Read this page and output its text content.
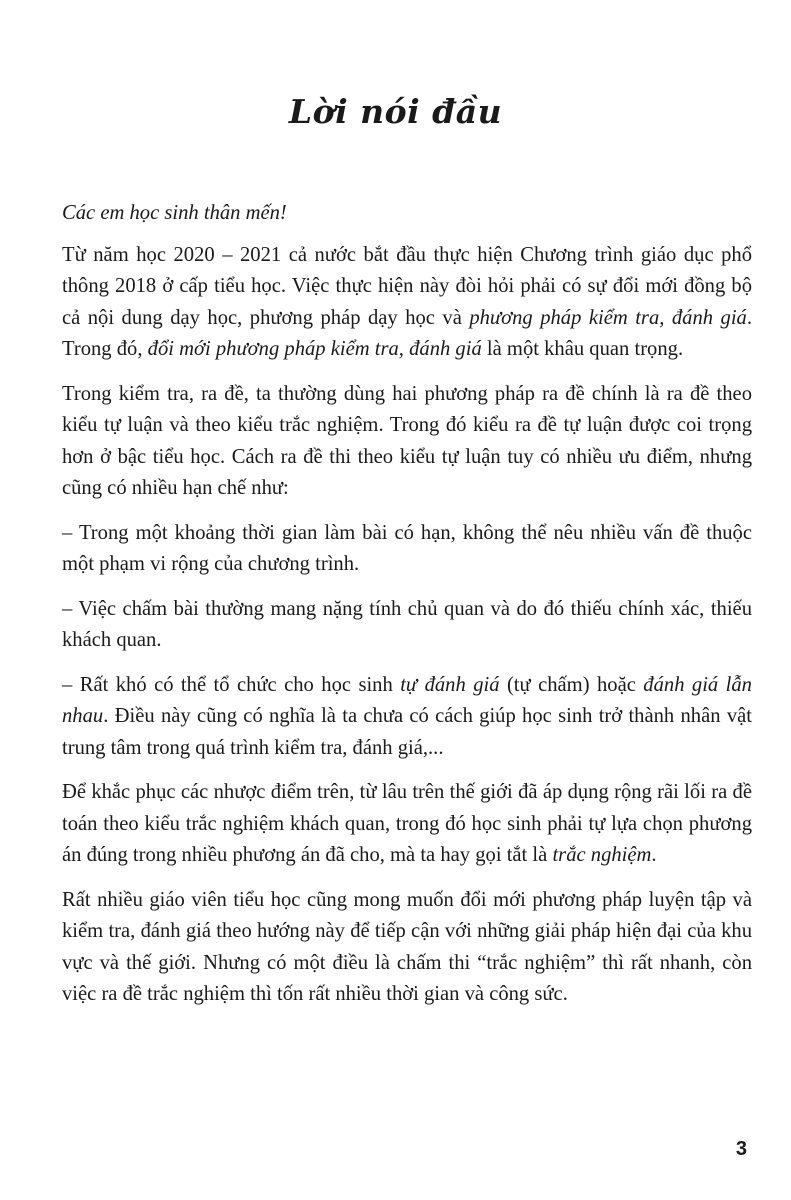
Lời nói đầu

Các em học sinh thân mến!

Từ năm học 2020 – 2021 cả nước bắt đầu thực hiện Chương trình giáo dục phổ thông 2018 ở cấp tiểu học. Việc thực hiện này đòi hỏi phải có sự đổi mới đồng bộ cả nội dung dạy học, phương pháp dạy học và phương pháp kiểm tra, đánh giá. Trong đó, đổi mới phương pháp kiểm tra, đánh giá là một khâu quan trọng.

Trong kiểm tra, ra đề, ta thường dùng hai phương pháp ra đề chính là ra đề theo kiểu tự luận và theo kiểu trắc nghiệm. Trong đó kiểu ra đề tự luận được coi trọng hơn ở bậc tiểu học. Cách ra đề thi theo kiểu tự luận tuy có nhiều ưu điểm, nhưng cũng có nhiều hạn chế như:

– Trong một khoảng thời gian làm bài có hạn, không thể nêu nhiều vấn đề thuộc một phạm vi rộng của chương trình.

– Việc chấm bài thường mang nặng tính chủ quan và do đó thiếu chính xác, thiếu khách quan.

– Rất khó có thể tổ chức cho học sinh tự đánh giá (tự chấm) hoặc đánh giá lẫn nhau. Điều này cũng có nghĩa là ta chưa có cách giúp học sinh trở thành nhân vật trung tâm trong quá trình kiểm tra, đánh giá,...

Để khắc phục các nhược điểm trên, từ lâu trên thế giới đã áp dụng rộng rãi lối ra đề toán theo kiểu trắc nghiệm khách quan, trong đó học sinh phải tự lựa chọn phương án đúng trong nhiều phương án đã cho, mà ta hay gọi tắt là trắc nghiệm.

Rất nhiều giáo viên tiểu học cũng mong muốn đổi mới phương pháp luyện tập và kiểm tra, đánh giá theo hướng này để tiếp cận với những giải pháp hiện đại của khu vực và thế giới. Nhưng có một điều là chấm thi “trắc nghiệm” thì rất nhanh, còn việc ra đề trắc nghiệm thì tốn rất nhiều thời gian và công sức.

3
